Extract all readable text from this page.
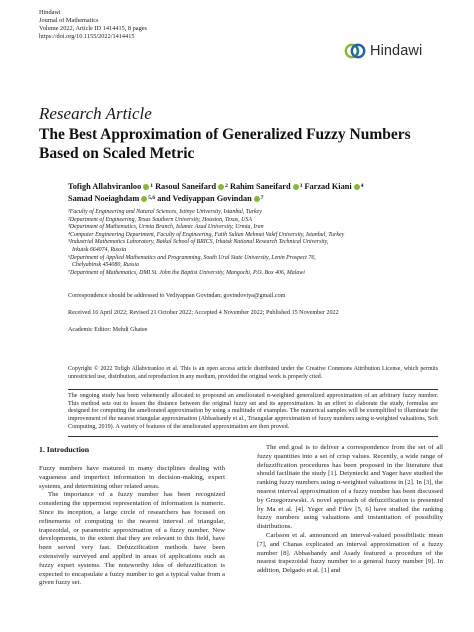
Hindawi
Journal of Mathematics
Volume 2022, Article ID 1414415, 8 pages
https://doi.org/10.1155/2022/1414415
Hindawi
Research Article
The Best Approximation of Generalized Fuzzy Numbers Based on Scaled Metric
Tofigh Allahviranloo $^1$ Rasoul Saneifard $^2$ Rahim Saneifard $^3$ Farzad Kiani $^4$
Samad Noeiaghdam $^{5,6}$ and Vediyappan Govindan $^7$
¹Faculty of Engineering and Natural Sciences, Istinye University, Istanbul, Turkey
²Department of Engineering, Texas Southern University, Houston, Texas, USA
³Department of Mathematics, Urmia Branch, Islamic Azad University, Urmia, Iran
⁴Computer Engineering Department, Faculty of Engineering, Fatih Sultan Mehmet Vakif University, Istanbul, Turkey
⁵Industrial Mathematics Laboratory, Baikal School of BRICS, Irkutsk National Research Technical University,
Irkutsk 664074, Russia
⁶Department of Applied Mathematics and Programming, South Ural State University, Lenin Prospect 76,
Chelyabinsk 454080, Russia
⁷Department of Mathematics, DMI St. John the Baptist University, Mangochi, P.O. Box 406, Malawi
Correspondence should be addressed to Vediyappan Govindan; govindoviya@gmail.com
Received 16 April 2022; Revised 21 October 2022; Accepted 4 November 2022; Published 15 November 2022
Academic Editor: Mehdi Ghatee
Copyright © 2022 Tofigh Allahviranloo et al. This is an open access article distributed under the Creative Commons Attribution License, which permits unrestricted use, distribution, and reproduction in any medium, provided the original work is properly cited.
The ongoing study has been vehemently allocated to propound an ameliorated α-weighted generalized approximation of an arbitrary fuzzy number. This method sets out to lessen the distance between the original fuzzy set and its approximation. In an effort to elaborate the study, formulas are designed for computing the ameliorated approximation by using a multitude of examples. The numerical samples will be exemplified to illuminate the improvement of the nearest triangular approximation (Abbasbandy et al., Triangular approximation of fuzzy numbers using α-weighted valuations, Soft Computing, 2019). A variety of features of the ameliorated approximation are then proved.
1. Introduction

Fuzzy numbers have matured in many disciplines dealing with vagueness and imperfect information in decision-making, expert systems, and determining other related areas.

The importance of a fuzzy number has been recognized considering the uppermost representation of information is numeric. Since its inception, a large circle of researchers has focused on refinements of computing to the nearest interval of triangular, trapezoidal, or parametric approximation of a fuzzy number. New developments, to the extent that they are relevant to this field, have been served very fast. Defuzzification methods have been extensively surveyed and applied in areas of applications such as fuzzy expert systems. The noteworthy idea of defuzzification is expected to encapsulate a fuzzy number to get a typical value from a given fuzzy set.

The end goal is to deliver a correspondence from the set of all fuzzy quantities into a set of crisp values. Recently, a wide range of defuzzification procedures has been proposed in the literature that should facilitate the study [1]. Detyniecki and Yager have studied the ranking fuzzy numbers using α-weighted valuations in [2]. In [3], the nearest interval approximation of a fuzzy number has been discussed by Grzegorzewski. A novel approach of defuzzification is presented by Ma et al. [4]. Yeger and Filev [5, 6] have studied the ranking fuzzy numbers using valuations and instantiation of possibility distributions.

Carlsson et al. announced an interval-valued possibilistic mean [7], and Chanas explicated an interval approximation of a fuzzy number [8]. Abbasbandy and Asady featured a procedure of the nearest trapezoidal fuzzy number to a general fuzzy number [9]. In addition, Delgado et al. [1] and
